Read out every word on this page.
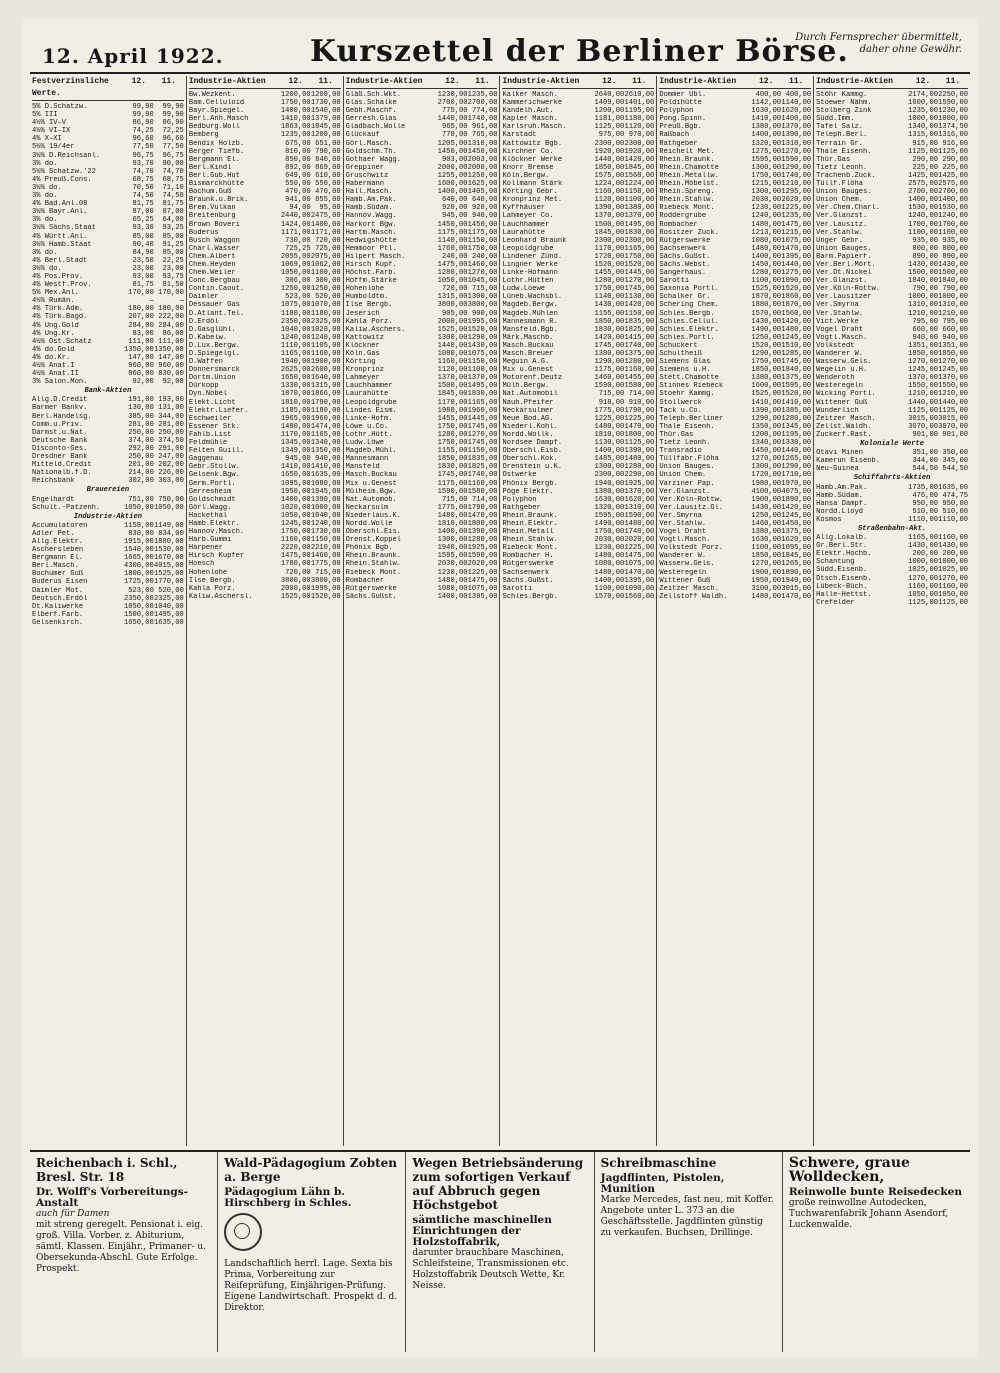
12. April 1922.	Kurszettel der Berliner Börse.
Durch Fernsprecher übermittelt,
daher ohne Gewähr.
Festverzinsliche Werte.
12.	11.
5% D.Schatzw.	99,90	99,90
5% III	99,90	99,90
4½% IV–V	86,90	86,90
4½% VI–IX	74,25	72,25
4% X–XI	96,60	96,60
5½% 19/4er	77,50	77,50
3½% D.Reichsanl.	96,75	96,75
3% do.	93,70	90,00
5½% Schatzw.'22	74,70	74,70
4% Preuß.Cons.	68,75	68,75
3½% do.	70,50	71,10
3% do.	74,50	74,50
4% Bad.Anl.08	81,75	81,75
3½% Bayr.Anl.	87,00	87,00
3% do.	65,25	64,00
3½% Sächs.Staat	93,30	93,25
4% Württ.Anl.	85,00	85,00
3½% Hamb.Staat	90,40	91,25
3% do.	84,90	85,00
4% Berl.Stadt	23,50	22,25
3½% do.	23,00	23,00
4% Pos.Prov.	93,00	93,75
4% Westf.Prov.	81,75	81,50
5% Mex.Anl.	170,00 170,00
4½% Rumän.	—	—
4% Türk.Adm.	180,00 180,00
4% Türk.Bagd.	207,00 222,00
4% Ung.Gold	284,00 284,00
4% Ung.Kr.	83,00	86,00
4½% Öst.Schatz	111,00 111,00
4% do.Gold	1350,00 1350,00
4% do.Kr.	147,00 147,00
4½% Anat.I	960,00 960,00
4½% Anat.II	860,00 830,00
3% Salon.Mon.	92,00	92,00
Bank-Aktien
Allg.D.Credit	191,00 193,00
Barmer Bankv.	130,00 131,00
Berl.Handelsg.	385,00 344,00
Comm.u.Priv.	281,00 281,00
Darmst.u.Nat.	250,00 250,00
Deutsche Bank	374,00 374,50
Disconto-Ges.	292,00 291,00
Dresdner Bank	250,00 247,00
Mitteld.Credit	201,00 202,00
Nationalb.f.D.	214,00 226,00
Reichsbank	302,00 303,00
Brauereien
Engelhardt	751,00 750,00
Schult.-Patzenh.	1050,00 1050,00
Industrie-Aktien
Accumulatoren	1158,00 1149,00
Adler Pet.	830,00 834,00
Allg.Elektr.	1915,00 1880,00
Aschersleben	1540,00 1530,00
Bergmann El.	1665,00 1670,00
Berl.Masch.	4300,00 4015,00
Bochumer Guß	1800,00 1525,00
Buderus Eisen	1725,00 1770,00
Daimler Mot.	523,00 520,00
Deutsch.Erdöl	2350,00 2325,00
Dt.Kaliwerke	1050,00 1040,00
Elberf.Farb.	1500,00 1495,00
Gelsenkirch.	1650,00 1635,00
Industrie-Aktien	12.	11.
Bw.Wezkent.	1200,00 1200,00
Bam.Celluloid	1750,00 1730,00
Bayr.Spiegel.	1400,00 1540,00
Berl.Anh.Masch	1410,00 1379,00
Bedburg.Woll	1863,00 1845,00
Bemberg	1235,00 1200,00
Bendix Holzb.	675,00 651,00
Berger Tiefb.	810,00 790,00
Bergmann El.	850,00 840,00
Berl.Kindl	892,00 869,00
Berl.Gub.Hut	649,00 610,00
Bismarckhütte	550,00 550,00
Bochum.Guß	470,00 470,00
Braunk.u.Brik.	941,00 855,00
Brem.Vulkan	94,00	95,00
Breitenburg	2440,00 2475,00
Brown Boveri	1424,00 1400,00
Buderus	1171,00 1171,00
Busch Waggon	730,00 720,00
Charl.Wasser	725,25 725,00
Chem.Albert	2055,00 2075,00
Chem.Heyden	1069,00 1062,00
Chem.Weiler	1050,00 1100,00
Conc.Bergbau	306,00 300,00
Contin.Caout.	1250,00 1250,00
Daimler	523,00 520,00
Dessauer Gas	1075,00 1070,00
D.Atlant.Tel.	1180,00 1180,00
D.Erdöl	2350,00 2325,00
D.Gasglühl.	1040,00 1020,00
D.Kabelw.	1240,00 1240,00
D.Lux.Bergw.	1110,00 1105,00
D.Spiegelgl.	1165,00 1160,00
D.Waffen	1940,00 1900,00
Donnersmarck	2625,00 2600,00
Dortm.Union	1650,00 1640,00
Dürkopp	1330,00 1315,00
Dyn.Nobel	1870,00 1866,00
Elekt.Licht	1810,00 1790,00
Elektr.Liefer.	1185,00 1180,00
Eschweiler	1965,00 1960,00
Essener Stk.	1480,00 1474,00
Fahlb.List	1170,00 1165,00
Feldmühle	1345,00 1340,00
Felten Guill.	1349,00 1350,00
Gaggenau	945,00 940,00
Gebr.Stollw.	1410,00 1410,00
Gelsenk.Bgw.	1650,00 1635,00
Germ.Portl.	1095,00 1080,00
Gerresheim	1950,00 1945,00
Goldschmidt	1400,00 1390,00
Görl.Wagg.	1020,00 1000,00
Hackethal	1050,00 1040,00
Hamb.Elektr.	1245,00 1240,00
Hannov.Masch.	1750,00 1730,00
Harb.Gummi	1160,00 1150,00
Harpener	2220,00 2210,00
Hirsch Kupfer	1475,00 1460,00
Hoesch	1780,00 1775,00
Hohenlohe	720,00 715,00
Ilse Bergb.	3800,00 3800,00
Kahla Porz.	2000,00 1995,00
Kaliw.Aschersl.	1525,00 1520,00
Industrie-Aktien	12.	11.
Gläß.Sch.Wkt.	1230,00 1235,00
Glas.Schalke	2700,00 2700,00
Gebh.Maschf.	775,00 774,00
Gerresh.Glas	1440,00 1740,00
Gladbach.Wolle	965,00 961,00
Glückauf	770,00 765,00
Görl.Masch.	1205,00 1310,00
Goldschm.Th.	1450,00 1450,00
Gothaer Wagg.	903,00 2003,00
Greppiner	2000,00 2000,00
Gruschwitz	1255,00 1250,00
Habermann	1600,00 1625,00
Hall.Masch.	1400,00 1405,00
Hamb.Am.Pak.	640,00 640,00
Hamb.Südam.	920,00 920,00
Hannov.Wagg.	945,00 940,00
Harkort Bgw.	1450,00 1450,00
Hartm.Masch.	1175,00 1175,00
Hedwigshütte	1140,00 1150,00
Hemmoor Ptl.	1760,00 1750,00
Hilpert Masch.	240,00 240,00
Hirsch Kupf.	1475,00 1460,00
Höchst.Farb.	1280,00 1270,00
Hoffm.Stärke	1050,00 1045,00
Hohenlohe	720,00 715,00
Humboldtm.	1315,00 1300,00
Ilse Bergb.	3800,00 3800,00
Jeserich	905,00 900,00
Kahla Porz.	2000,00 1995,00
Kaliw.Aschers.	1525,00 1520,00
Kattowitz	1300,00 1290,00
Klöckner	1440,00 1430,00
Köln.Gas	1080,00 1075,00
Körting	1160,00 1150,00
Kronprinz	1120,00 1100,00
Lahmeyer	1370,00 1370,00
Lauchhammer	1500,00 1495,00
Laurahütte	1845,00 1830,00
Leopoldgrube	1170,00 1165,00
Lindes Eism.	1980,00 1960,00
Linke-Hofm.	1455,00 1445,00
Löwe u.Co.	1750,00 1745,00
Lothr.Hütt.	1280,00 1270,00
Ludw.Löwe	1750,00 1745,00
Magdeb.Mühl.	1155,00 1150,00
Mannesmann	1850,00 1835,00
Mansfeld	1830,00 1825,00
Masch.Buckau	1745,00 1740,00
Mix u.Genest	1175,00 1160,00
Mülheim.Bgw.	1590,00 1580,00
Nat.Automob.	715,00 714,00
Neckarsulm	1775,00 1790,00
Niederlaus.K.	1480,00 1470,00
Nordd.Wolle	1810,00 1800,00
Oberschl.Eis.	1400,00 1390,00
Orenst.Koppel	1300,00 1280,00
Phönix Bgb.	1940,00 1925,00
Rhein.Braunk.	1595,00 1590,00
Rhein.Stahlw.	2030,00 2020,00
Riebeck Mont.	1230,00 1225,00
Rombacher	1480,00 1475,00
Rütgerswerke	1080,00 1075,00
Sächs.Gußst.	1400,00 1395,00
Industrie-Aktien	12.	11.
Kalker Masch.	2640,00 2610,00
Kammerichwerke	1409,00 1401,00
Kandelh.Aut.	1200,00 1195,00
Kapler Masch.	1181,00 1180,00
Karlsruh.Masch.	1125,00 1120,00
Karstadt	975,00 970,00
Kattowitz Bgb.	2300,00 2300,00
Kirchner Co.	1920,00 1920,00
Klöckner Werke	1440,00 1420,00
Knorr Bremse	1850,00 1845,00
Köln.Bergw.	1575,00 1560,00
Kollmann Stärk	1224,00 1224,00
Körting Gebr.	1160,00 1150,00
Kronprinz Met.	1120,00 1100,00
Kyffhäuser	1390,00 1380,00
Lahmeyer Co.	1370,00 1370,00
Lauchhammer	1500,00 1495,00
Laurahütte	1845,00 1830,00
Leonhard Braunk	2300,00 2300,00
Leopoldgrube	1170,00 1165,00
Lindener Zünd.	1720,00 1750,00
Lingner Werke	1520,00 1520,00
Linke-Hofmann	1455,00 1445,00
Lothr.Hütten	1280,00 1270,00
Ludw.Loewe	1750,00 1745,00
Lüneb.Wachsbl.	1140,00 1130,00
Magdeb.Bergw.	1430,00 1420,00
Magdeb.Mühlen	1155,00 1150,00
Mannesmann R.	1850,00 1835,00
Mansfeld.Bgb.	1830,00 1825,00
Märk.Maschb.	1420,00 1415,00
Masch.Buckau	1745,00 1740,00
Masch.Breuer	1380,00 1375,00
Meguin A.G.	1290,00 1280,00
Mix u.Genest	1175,00 1160,00
Motorenf.Deutz	1460,00 1455,00
Mülh.Bergw.	1590,00 1580,00
Nat.Automobil	715,00 714,00
Nauh.Pfeifer	918,00 910,00
Neckarsulmer	1775,00 1790,00
Neue Bod.AG.	1225,00 1225,00
Niederl.Kohl.	1480,00 1470,00
Nordd.Wollk.	1810,00 1800,00
Nordsee Dampf.	1130,00 1125,00
Oberschl.Eisb.	1400,00 1390,00
Oberschl.Kok.	1485,00 1480,00
Orenstein u.K.	1300,00 1280,00
Ostwerke	2300,00 2290,00
Phönix Bergb.	1940,00 1925,00
Pöge Elektr.	1380,00 1370,00
Polyphon	1630,00 1620,00
Rathgeber	1320,00 1310,00
Rhein.Braunk.	1595,00 1590,00
Rhein.Elektr.	1490,00 1480,00
Rhein.Metall	1750,00 1740,00
Rhein.Stahlw.	2030,00 2020,00
Riebeck Mont.	1230,00 1225,00
Rombacher H.	1480,00 1475,00
Rütgerswerke	1080,00 1075,00
Sachsenwerk	1480,00 1470,00
Sächs.Gußst.	1400,00 1395,00
Sarotti	1100,00 1090,00
Schles.Bergb.	1570,00 1560,00
Industrie-Aktien	12.	11.
Dommer Ubl.	400,00 400,00
Poldihütte	1142,00 1140,00
Polyphon	1630,00 1620,00
Pong.Spinn.	1410,00 1400,00
Preuß.Bgb.	1380,00 1370,00
Raßbach	1400,00 1390,00
Rathgeber	1320,00 1310,00
Reichelt Met.	1275,00 1270,00
Rhein.Braunk.	1595,00 1590,00
Rhein.Chamotte	1300,00 1290,00
Rhein.Metallw.	1750,00 1740,00
Rhein.Möbelst.	1215,00 1210,00
Rhein.Spreng.	1300,00 1295,00
Rhein.Stahlw.	2030,00 2020,00
Riebeck Mont.	1230,00 1225,00
Roddergrube	1240,00 1235,00
Rombacher	1480,00 1475,00
Rositzer Zuck.	1213,00 1215,00
Rütgerswerke	1080,00 1075,00
Sachsenwerk	1480,00 1470,00
Sächs.Gußst.	1400,00 1395,00
Sächs.Webst.	1450,00 1440,00
Sangerhaus.	1280,00 1275,00
Sarotti	1100,00 1090,00
Saxonia Portl.	1525,00 1520,00
Schalker Gr.	1870,00 1860,00
Schering Chem.	1880,00 1870,00
Schles.Bergb.	1570,00 1560,00
Schles.Cellul.	1430,00 1420,00
Schles.Elektr.	1490,00 1480,00
Schles.Portl.	1250,00 1245,00
Schuckert	1520,00 1510,00
Schultheiß	1290,00 1285,00
Siemens Glas	1750,00 1745,00
Siemens u.H.	1850,00 1840,00
Stett.Chamotte	1380,00 1375,00
Stinnes Riebeck	1600,00 1595,00
Stoehr Kammg.	1525,00 1520,00
Stollwerck	1410,00 1410,00
Tack u.Co.	1390,00 1385,00
Teleph.Berliner	1290,00 1280,00
Thale Eisenh.	1350,00 1345,00
Thür.Gas	1200,00 1195,00
Tietz Leonh.	1340,00 1330,00
Transradio	1450,00 1440,00
Tüllfabr.Flöha	1270,00 1265,00
Union Bauges.	1300,00 1290,00
Union Chem.	1720,00 1710,00
Varziner Pap.	1980,00 1970,00
Ver.Glanzst.	4100,00 4075,00
Ver.Köln-Rottw.	1900,00 1890,00
Ver.Lausitz.Gl.	1430,00 1420,00
Ver.Smyrna	1250,00 1245,00
Ver.Stahlw.	1460,00 1450,00
Vogel Draht	1380,00 1375,00
Vogtl.Masch.	1630,00 1620,00
Volkstedt Porz.	1100,00 1095,00
Wanderer W.	1850,00 1845,00
Wasserw.Gels.	1270,00 1265,00
Westeregeln	1900,00 1890,00
Wittener Guß	1950,00 1940,00
Zeitzer Masch.	3100,00 3015,00
Zellstoff Waldh.	1480,00 1470,00
Industrie-Aktien	12.	11.
Stöhr Kammg.	2174,00 2250,00
Stoewer Nähm.	1600,00 1590,00
Stolberg Zink	1235,00 1230,00
Südd.Imm.	1000,00 1000,00
Tafel Salz.	1340,00 1374,50
Teleph.Berl.	1315,00 1316,00
Terrain Gr.	915,00 916,00
Thale Eisenh.	1125,00 1125,00
Thür.Gas	290,00 290,00
Tietz Leonh.	225,00 225,00
Trachenb.Zuck.	1425,00 1425,00
Tüllf.Flöha	2575,00 2575,00
Union Bauges.	2700,00 2700,00
Union Chem.	1400,00 1400,00
Ver.Chem.Charl.	1530,00 1530,00
Ver.Glanzst.	1240,00 1240,00
Ver.Lausitz.	1700,00 1700,00
Ver.Stahlw.	1100,00 1100,00
Unger Gebr.	935,00 935,00
Union Bauges.	800,00 800,00
Barm.Papierf.	890,00 890,00
Ver.Berl.Mört.	1430,00 1430,00
Ver.Dt.Nickel	1500,00 1500,00
Ver.Glanzst.	1840,00 1840,00
Ver.Köln-Rottw.	790,00 790,00
Ver.Lausitzer	1000,00 1000,00
Ver.Smyrna	1310,00 1310,00
Ver.Stahlw.	1210,00 1210,00
Vict.Werke	795,00 795,00
Vogel Draht	660,00 660,00
Vogtl.Masch.	940,00 940,00
Volkstedt	1351,00 1351,00
Wanderer W.	1850,00 1850,00
Wasserw.Gels.	1270,00 1270,00
Wegelin u.H.	1245,00 1245,00
Wenderoth	1370,00 1370,00
Westeregeln	1550,00 1550,00
Wicking Portl.	1210,00 1210,00
Wittener Guß	1440,00 1440,00
Wunderlich	1125,00 1125,00
Zeitzer Masch.	3015,00 3015,00
Zellst.Waldh.	3070,00 3070,00
Zuckerf.Rast.	901,00 901,00
Koloniale Werte
Otavi Minen	351,00 350,00
Kamerun Eisenb.	344,00 345,00
Neu-Guinea	544,50 544,50
Schiffahrts-Aktien
Hamb.Am.Pak.	1735,00 1635,00
Hamb.Südam.	476,00 474,75
Hansa Dampf.	950,00 950,00
Nordd.Lloyd	510,00 510,00
Kosmos	1110,00 1110,00
Straßenbahn-Akt.
Allg.Lokalb.	1165,00 1160,00
Gr.Berl.Str.	1430,00 1430,00
Elektr.Hochb.	200,00 200,00
Schantung	1000,00 1000,00
Südd.Eisenb.	1025,00 1025,00
Dtsch.Eisenb.	1270,00 1270,00
Lübeck-Büch.	1160,00 1160,00
Halle-Hettst.	1050,00 1050,00
Crefelder	1125,00 1125,00
Reichenbach i. Schl., Bresl. Str. 18
Dr. Wolff's Vorbereitungs-Anstalt
auch für Damen
mit streng geregelt. Pensionat i. eig. groß. Villa. Vorber. z. Abiturium, sämtl. Klassen. Einjähr., Primaner- u. Obersekunda-Abschl. Gute Erfolge. Prospekt.
Wald-Pädagogium Zobten a. Berge
Pädagogium Lähn b. Hirschberg in Schles.
Landschaftlich herrl. Lage. Sexta bis Prima, Vorbereitung zur Reifeprüfung, Einjährigen-Prüfung. Eigene Landwirtschaft. Prospekt d. d. Direktor.
Wegen Betriebsänderung zum sofortigen Verkauf auf Abbruch gegen Höchstgebot
sämtliche maschinellen Einrichtungen der Holzstoffabrik,
darunter brauchbare Maschinen, Schleifsteine, Transmissionen etc. Holzstoffabrik Deutsch Wette, Kr. Neisse.
Schreibmaschine
Jagdflinten, Pistolen, Munition
Marke Mercedes, fast neu, mit Koffer. Angebote unter L. 373 an die Geschäftsstelle. Jagdflinten günstig zu verkaufen. Buchsen, Drillinge.
Schwere, graue Wolldecken,
Reinwolle bunte Reisedecken
große reinwollne Autodecken, Tuchwarenfabrik Johann Asendorf, Luckenwalde.
